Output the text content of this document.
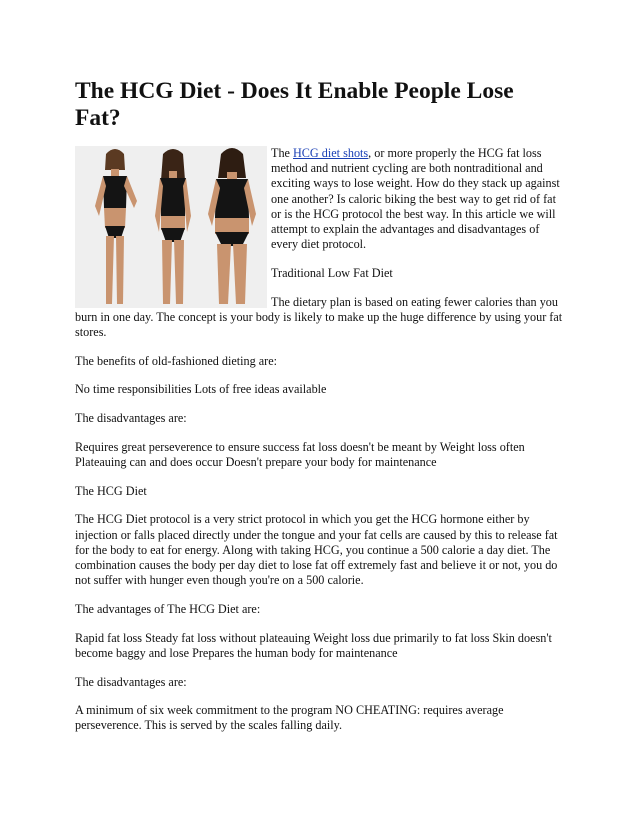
The HCG Diet - Does It Enable People Lose Fat?

The HCG diet shots, or more properly the HCG fat loss method and nutrient cycling are both nontraditional and exciting ways to lose weight. How do they stack up against one another? Is caloric biking the best way to get rid of fat or is the HCG protocol the best way. In this article we will attempt to explain the advantages and disadvantages of every diet protocol.

Traditional Low Fat Diet

The dietary plan is based on eating fewer calories than you burn in one day. The concept is your body is likely to make up the huge difference by using your fat stores.

The benefits of old-fashioned dieting are:

No time responsibilities Lots of free ideas available

The disadvantages are:

Requires great perseverence to ensure success fat loss doesn't be meant by Weight loss often Plateauing can and does occur Doesn't prepare your body for maintenance

The HCG Diet

The HCG Diet protocol is a very strict protocol in which you get the HCG hormone either by injection or falls placed directly under the tongue and your fat cells are caused by this to release fat for the body to eat for energy. Along with taking HCG, you continue a 500 calorie a day diet. The combination causes the body per day diet to lose fat off extremely fast and believe it or not, you do not suffer with hunger even though you're on a 500 calorie.

The advantages of The HCG Diet are:

Rapid fat loss Steady fat loss without plateauing Weight loss due primarily to fat loss Skin doesn't become baggy and lose Prepares the human body for maintenance

The disadvantages are:

A minimum of six week commitment to the program NO CHEATING: requires average perseverence. This is served by the scales falling daily.
